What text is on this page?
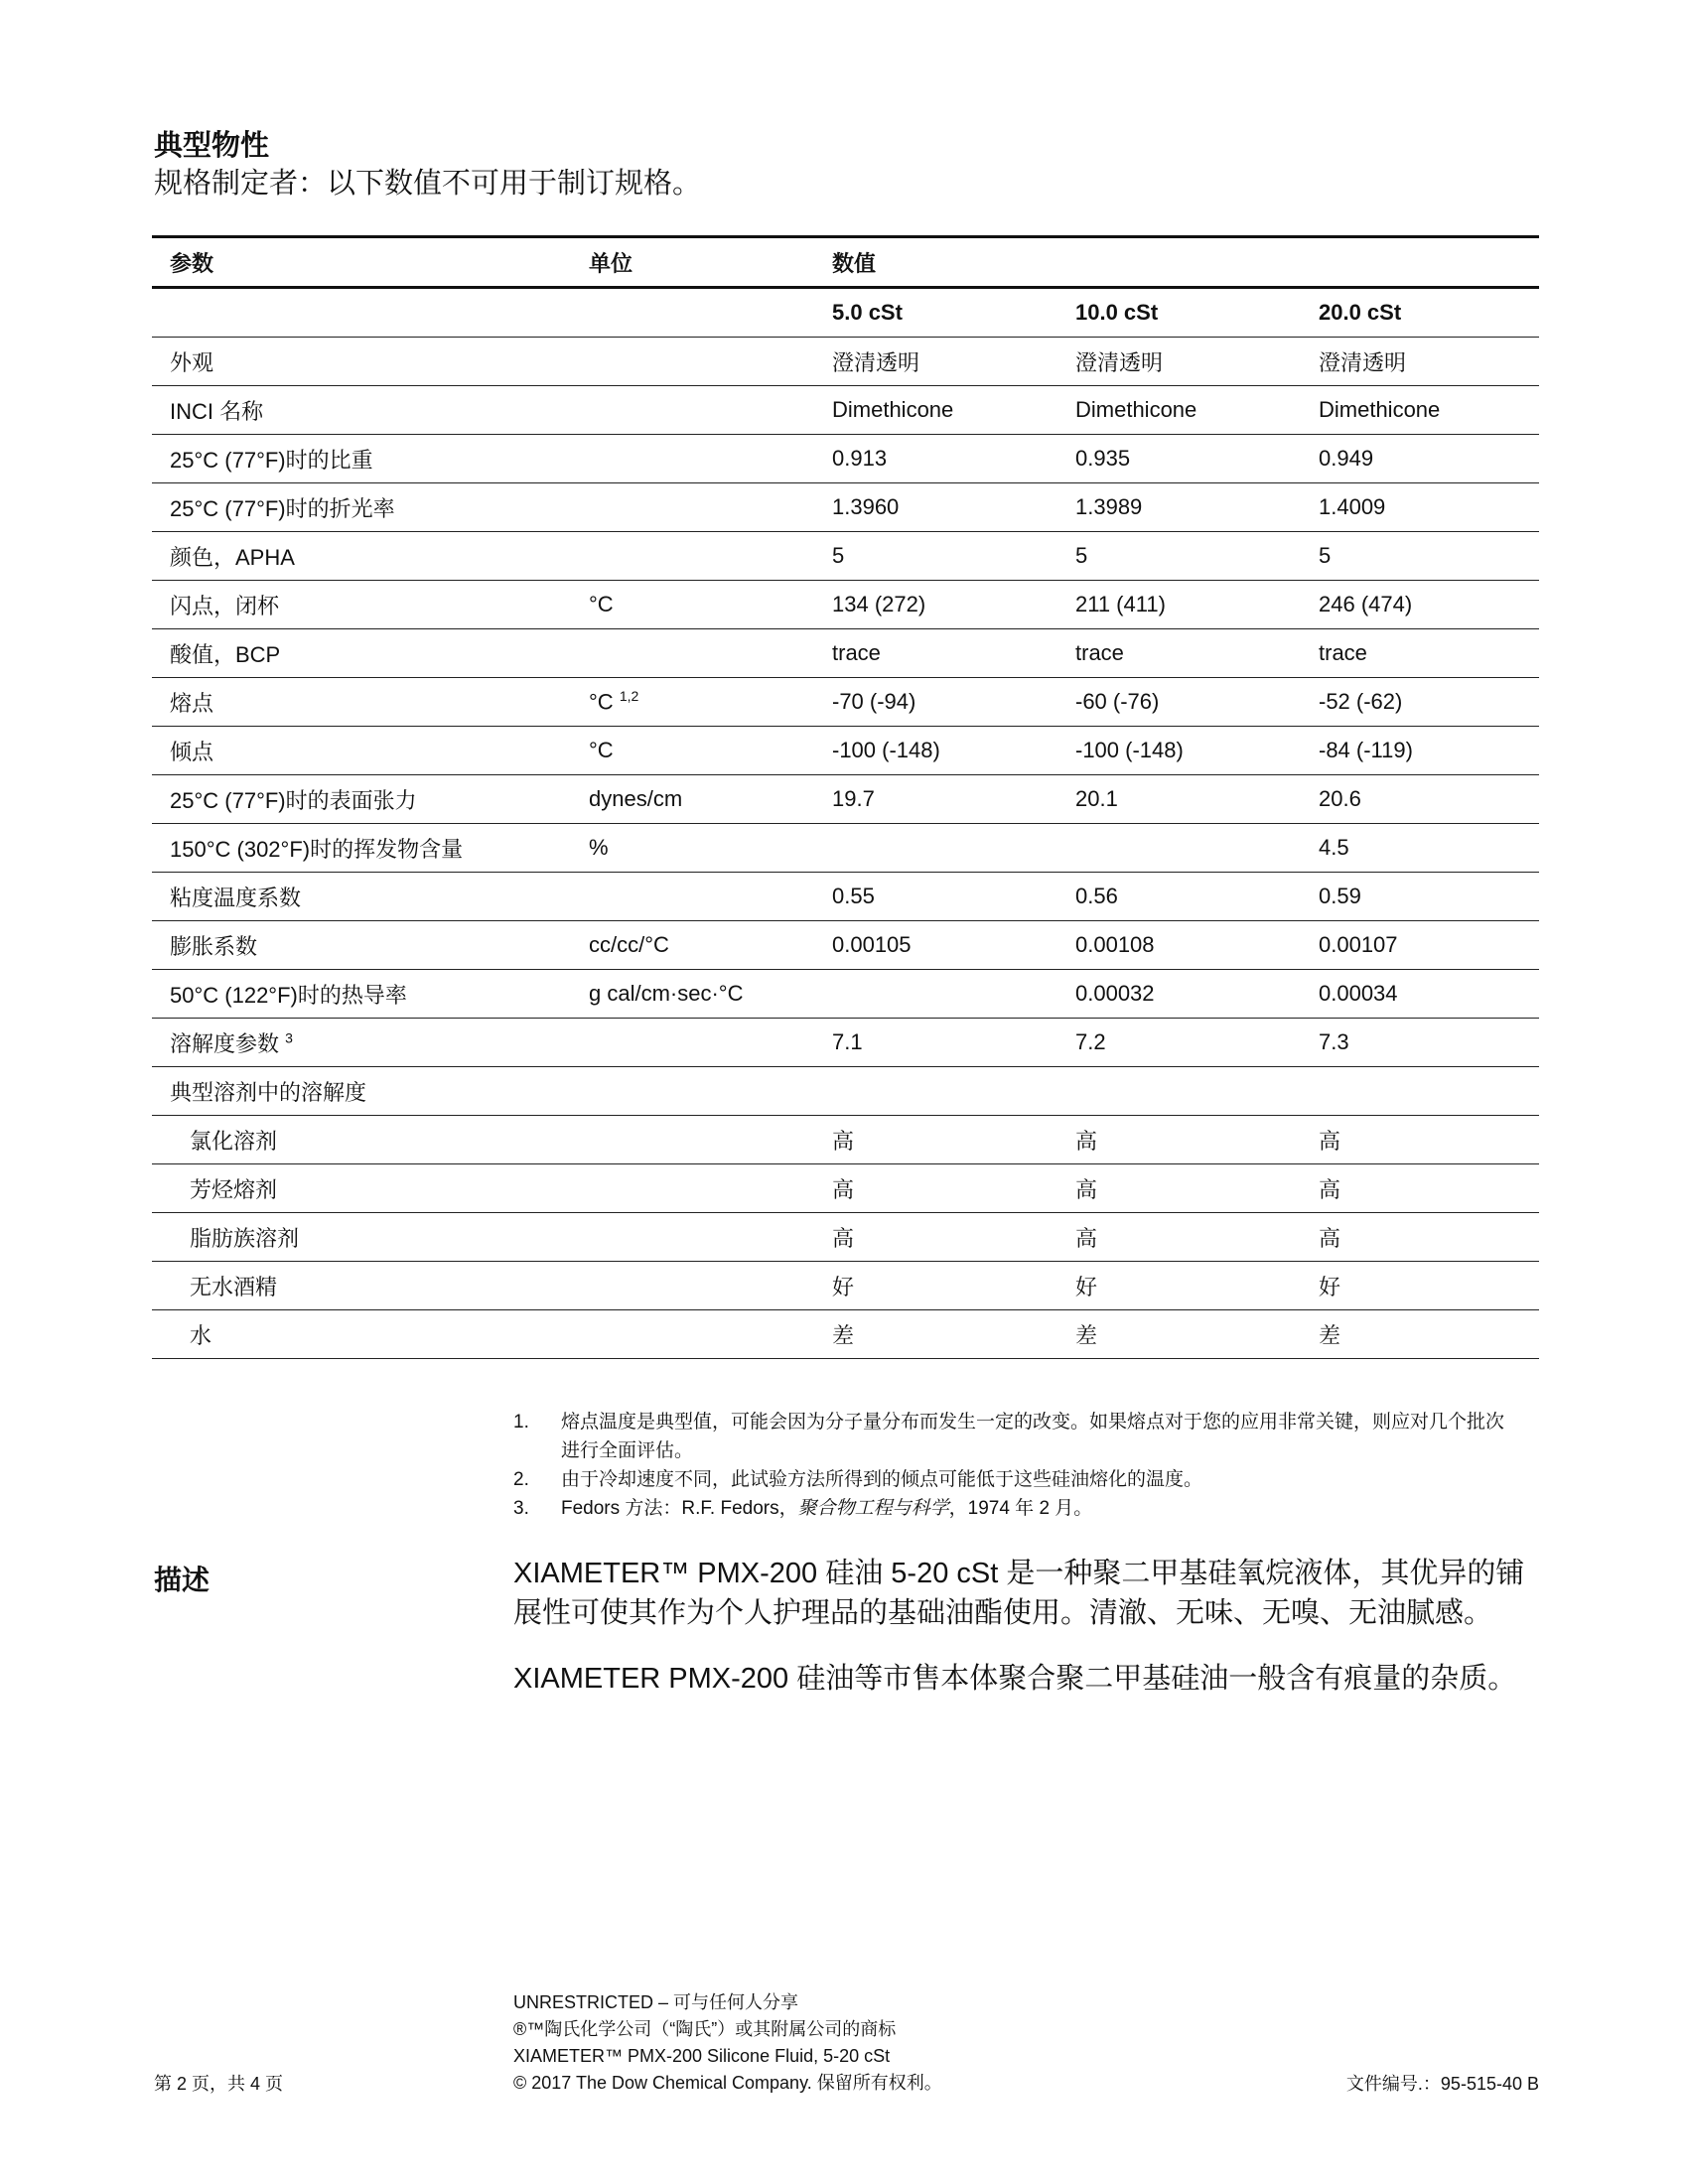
典型物性
规格制定者：以下数值不可用于制订规格。
参数	单位	数值		
		5.0 cSt	10.0 cSt	20.0 cSt
外观		澄清透明	澄清透明	澄清透明
INCI 名称		Dimethicone	Dimethicone	Dimethicone
25°C (77°F)时的比重		0.913	0.935	0.949
25°C (77°F)时的折光率		1.3960	1.3989	1.4009
颜色，APHA		5	5	5
闪点，闭杯	°C	134 (272)	211 (411)	246 (474)
酸值，BCP		trace	trace	trace
熔点	°C $^{1,2}$	-70 (-94)	-60 (-76)	-52 (-62)
倾点	°C	-100 (-148)	-100 (-148)	-84 (-119)
25°C (77°F)时的表面张力	dynes/cm	19.7	20.1	20.6
150°C (302°F)时的挥发物含量	%			4.5
粘度温度系数		0.55	0.56	0.59
膨胀系数	cc/cc/°C	0.00105	0.00108	0.00107
50°C (122°F)时的热导率	g cal/cm·sec·°C		0.00032	0.00034
溶解度参数 $^3$		7.1	7.2	7.3
典型溶剂中的溶解度				
氯化溶剂		高	高	高
芳烃熔剂		高	高	高
脂肪族溶剂		高	高	高
无水酒精		好	好	好
水		差	差	差
1.	熔点温度是典型值，可能会因为分子量分布而发生一定的改变。如果熔点对于您的应用非常关键，则应对几个批次进行全面评估。
2.	由于冷却速度不同，此试验方法所得到的倾点可能低于这些硅油熔化的温度。
3.	Fedors 方法：R.F. Fedors，聚合物工程与科学，1974 年 2 月。
描述	XIAMETER™ PMX-200 硅油 5-20 cSt 是一种聚二甲基硅氧烷液体，其优异的铺展性可使其作为个人护理品的基础油酯使用。清澈、无味、无嗅、无油腻感。

XIAMETER PMX-200 硅油等市售本体聚合聚二甲基硅油一般含有痕量的杂质。

UNRESTRICTED – 可与任何人分享
®™陶氏化学公司（“陶氏”）或其附属公司的商标
XIAMETER™ PMX-200 Silicone Fluid, 5-20 cSt
© 2017 The Dow Chemical Company. 保留所有权利。
第 2 页，共 4 页	文件编号.：95-515-40 B
